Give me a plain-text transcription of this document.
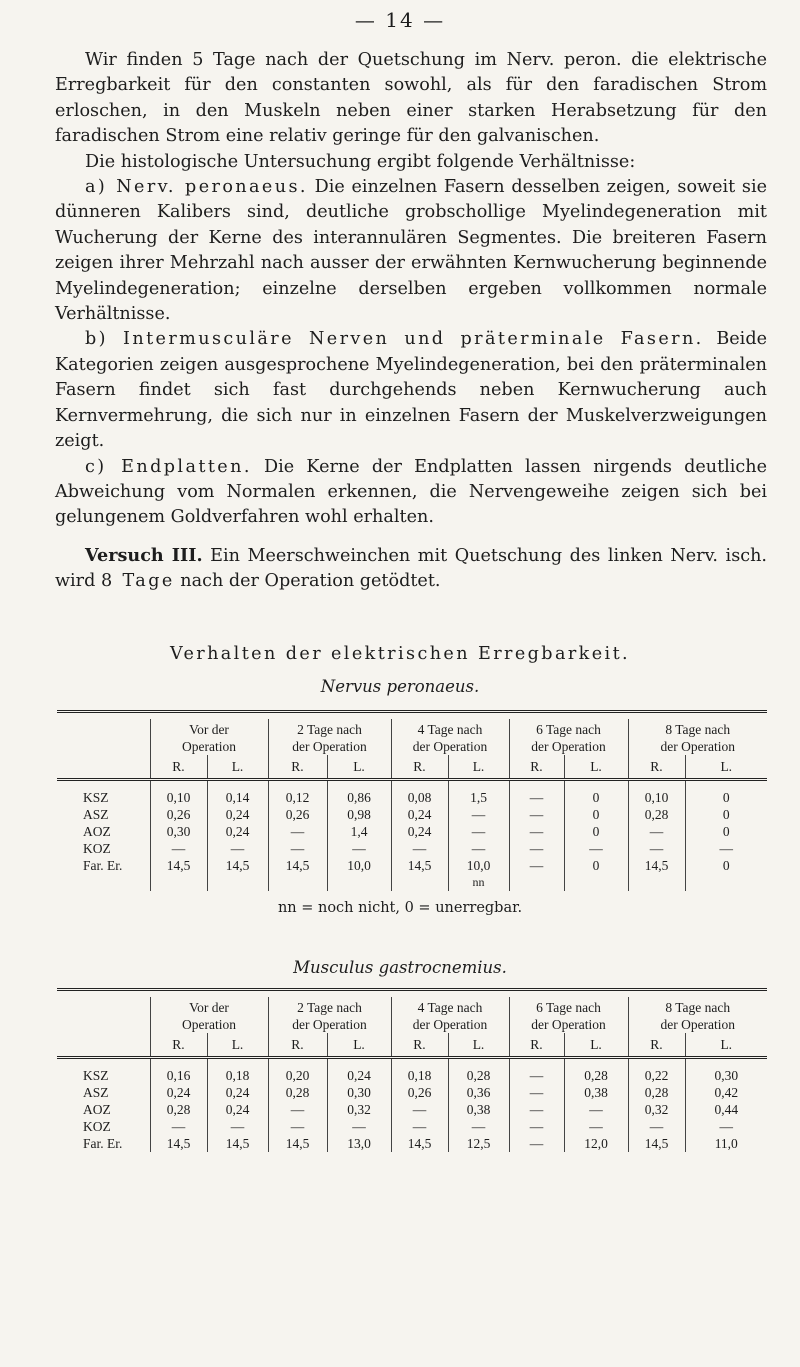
— 14 —

Wir finden 5 Tage nach der Quetschung im Nerv. peron. die elektrische Erregbarkeit für den constanten sowohl, als für den faradischen Strom erloschen, in den Muskeln neben einer starken Herabsetzung für den faradischen Strom eine relativ geringe für den galvanischen.

Die histologische Untersuchung ergibt folgende Verhältnisse:

a) Nerv. peronaeus. Die einzelnen Fasern desselben zeigen, soweit sie dünneren Kalibers sind, deutliche grobschollige Myelindegeneration mit Wucherung der Kerne des interannulären Segmentes. Die breiteren Fasern zeigen ihrer Mehrzahl nach ausser der erwähnten Kernwucherung beginnende Myelindegeneration; einzelne derselben ergeben vollkommen normale Verhältnisse.

b) Intermusculäre Nerven und präterminale Fasern. Beide Kategorien zeigen ausgesprochene Myelindegeneration, bei den präterminalen Fasern findet sich fast durchgehends neben Kernwucherung auch Kernvermehrung, die sich nur in einzelnen Fasern der Muskelverzweigungen zeigt.

c) Endplatten. Die Kerne der Endplatten lassen nirgends deutliche Abweichung vom Normalen erkennen, die Nervengeweihe zeigen sich bei gelungenem Goldverfahren wohl erhalten.

Versuch III. Ein Meerschweinchen mit Quetschung des linken Nerv. isch. wird 8 Tage nach der Operation getödtet.

Verhalten der elektrischen Erregbarkeit.
Nervus peronaeus.

	Vor der
Operation		2 Tage nach
der Operation		4 Tage nach
der Operation		6 Tage nach
der Operation		8 Tage nach
der Operation	
	R.	L.	R.	L.	R.	L.	R.	L.	R.	L.
KSZ	0,10	0,14	0,12	0,86	0,08	1,5	—	0	0,10	0
ASZ	0,26	0,24	0,26	0,98	0,24	—	—	0	0,28	0
AOZ	0,30	0,24	—	1,4	0,24	—	—	0	—	0
KOZ	—	—	—	—	—	—	—	—	—	—
Far. Er.	14,5	14,5	14,5	10,0	14,5	10,0	—	0	14,5	0
						nn				
nn = noch nicht, 0 = unerregbar.
Musculus gastrocnemius.

	Vor der
Operation		2 Tage nach
der Operation		4 Tage nach
der Operation		6 Tage nach
der Operation		8 Tage nach
der Operation	
	R.	L.	R.	L.	R.	L.	R.	L.	R.	L.
KSZ	0,16	0,18	0,20	0,24	0,18	0,28	—	0,28	0,22	0,30
ASZ	0,24	0,24	0,28	0,30	0,26	0,36	—	0,38	0,28	0,42
AOZ	0,28	0,24	—	0,32	—	0,38	—	—	0,32	0,44
KOZ	—	—	—	—	—	—	—	—	—	—
Far. Er.	14,5	14,5	14,5	13,0	14,5	12,5	—	12,0	14,5	11,0
